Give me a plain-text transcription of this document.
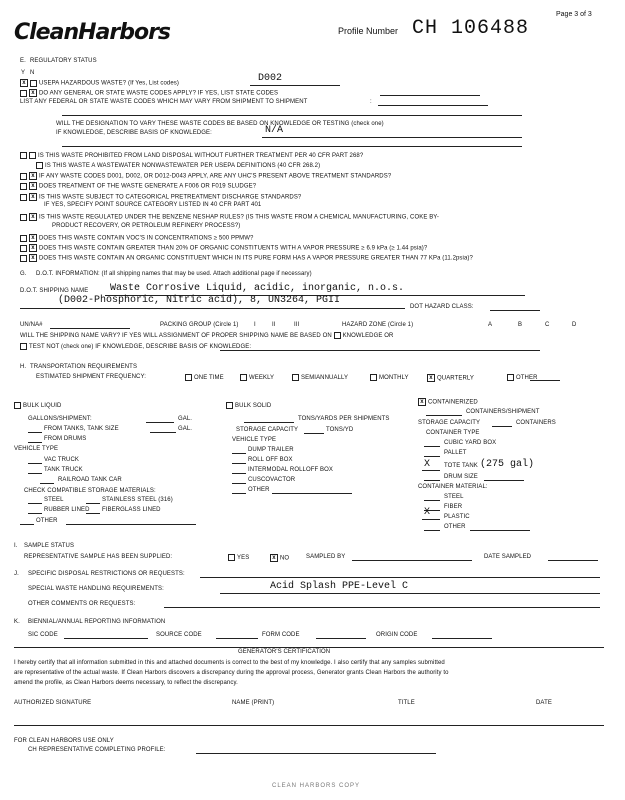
Page 3 of 3
CleanHarbors	Profile Number CH 106488
E. REGULATORY STATUS
Y N
x USEPA HAZARDOUS WASTE? (If Yes, List codes)	D002
x DO ANY GENERAL OR STATE WASTE CODES APPLY? IF YES, LIST STATE CODES
LIST ANY FEDERAL OR STATE WASTE CODES WHICH MAY VARY FROM SHIPMENT TO SHIPMENT	:
WILL THE DESIGNATION TO VARY THESE WASTE CODES BE BASED ON KNOWLEDGE OR TESTING (check one)
IF KNOWLEDGE, DESCRIBE BASIS OF KNOWLEDGE:	N/A
IS THIS WASTE PROHIBITED FROM LAND DISPOSAL WITHOUT FURTHER TREATMENT PER 40 CFR PART 268?
IS THIS WASTE A WASTEWATER NONWASTEWATER PER USEPA DEFINITIONS (40 CFR 268.2)
x IF ANY WASTE CODES D001, D002, OR D012-D043 APPLY, ARE ANY UHC'S PRESENT ABOVE TREATMENT STANDARDS?
x DOES TREATMENT OF THE WASTE GENERATE A F006 OR F019 SLUDGE?
x IS THIS WASTE SUBJECT TO CATEGORICAL PRETREATMENT DISCHARGE STANDARDS?
IF YES, SPECIFY POINT SOURCE CATEGORY LISTED IN 40 CFR PART 401
x IS THIS WASTE REGULATED UNDER THE BENZENE NESHAP RULES? (IS THIS WASTE FROM A CHEMICAL MANUFACTURING, COKE BY-
PRODUCT RECOVERY, OR PETROLEUM REFINERY PROCESS?)
x DOES THIS WASTE CONTAIN VOC'S IN CONCENTRATIONS ≥ 500 PPMW?
x DOES THIS WASTE CONTAIN GREATER THAN 20% OF ORGANIC CONSTITUENTS WITH A VAPOR PRESSURE ≥ 6.9 kPa (≥ 1.44 psia)?
x DOES THIS WASTE CONTAIN AN ORGANIC CONSTITUENT WHICH IN ITS PURE FORM HAS A VAPOR PRESSURE GREATER THAN 77 KPa (11.2psia)?
G. D.O.T. INFORMATION: (If all shipping names that may be used. Attach additional page if necessary)
D.O.T. SHIPPING NAME Waste Corrosive Liquid, acidic, inorganic, n.o.s.
(D002-Phosphoric, Nitric acid), 8, UN3264, PGII
DOT HAZARD CLASS:
UN/NA#	PACKING GROUP (Circle 1)	I	II	III	HAZARD ZONE (Circle 1)	A	B	C	D
WILL THE SHIPPING NAME VARY? IF YES WILL ASSIGNMENT OF PROPER SHIPPING NAME BE BASED ON KNOWLEDGE OR
TEST NOT (check one) IF KNOWLEDGE, DESCRIBE BASIS OF KNOWLEDGE:
H. TRANSPORTATION REQUIREMENTS
ESTIMATED SHIPMENT FREQUENCY:	ONE TIME	WEEKLY	SEMIANNUALLY	MONTHLY	x QUARTERLY	OTHER
BULK LIQUID
GALLONS/SHIPMENT:	GAL.
FROM TANKS, TANK SIZE	GAL.
FROM DRUMS
VEHICLE TYPE
VAC TRUCK
TANK TRUCK
RAILROAD TANK CAR
CHECK COMPATIBLE STORAGE MATERIALS:
STEEL	STAINLESS STEEL (316)
RUBBER LINED FIBERGLASS LINED
OTHER
BULK SOLID
TONS/YARDS PER SHIPMENTS
STORAGE CAPACITY	TONS/YD
VEHICLE TYPE
DUMP TRAILER
ROLL OFF BOX
INTERMODAL ROLLOFF BOX
CUSCOVACTOR
OTHER
x CONTAINERIZED
CONTAINERS/SHIPMENT
STORAGE CAPACITY	CONTAINERS
CONTAINER TYPE
CUBIC YARD BOX
PALLET
X TOTE TANK (275 gal)
DRUM SIZE
CONTAINER MATERIAL:
STEEL
FIBER
X PLASTIC
OTHER
I. SAMPLE STATUS
REPRESENTATIVE SAMPLE HAS BEEN SUPPLIED:	YES	x NO	SAMPLED BY	DATE SAMPLED
J. SPECIFIC DISPOSAL RESTRICTIONS OR REQUESTS:
SPECIAL WASTE HANDLING REQUIREMENTS:	Acid Splash PPE-Level C
OTHER COMMENTS OR REQUESTS:
K. BIENNIAL/ANNUAL REPORTING INFORMATION
SIC CODE	SOURCE CODE	FORM CODE	ORIGIN CODE
GENERATOR'S CERTIFICATION
I hereby certify that all information submitted in this and attached documents is correct to the best of my knowledge. I also certify that any samples submitted
are representative of the actual waste. If Clean Harbors discovers a discrepancy during the approval process, Generator grants Clean Harbors the authority to
amend the profile, as Clean Harbors deems necessary, to reflect the discrepancy.
AUTHORIZED SIGNATURE	NAME (PRINT)	TITLE	DATE
FOR CLEAN HARBORS USE ONLY
CH REPRESENTATIVE COMPLETING PROFILE:
CLEAN HARBORS COPY
